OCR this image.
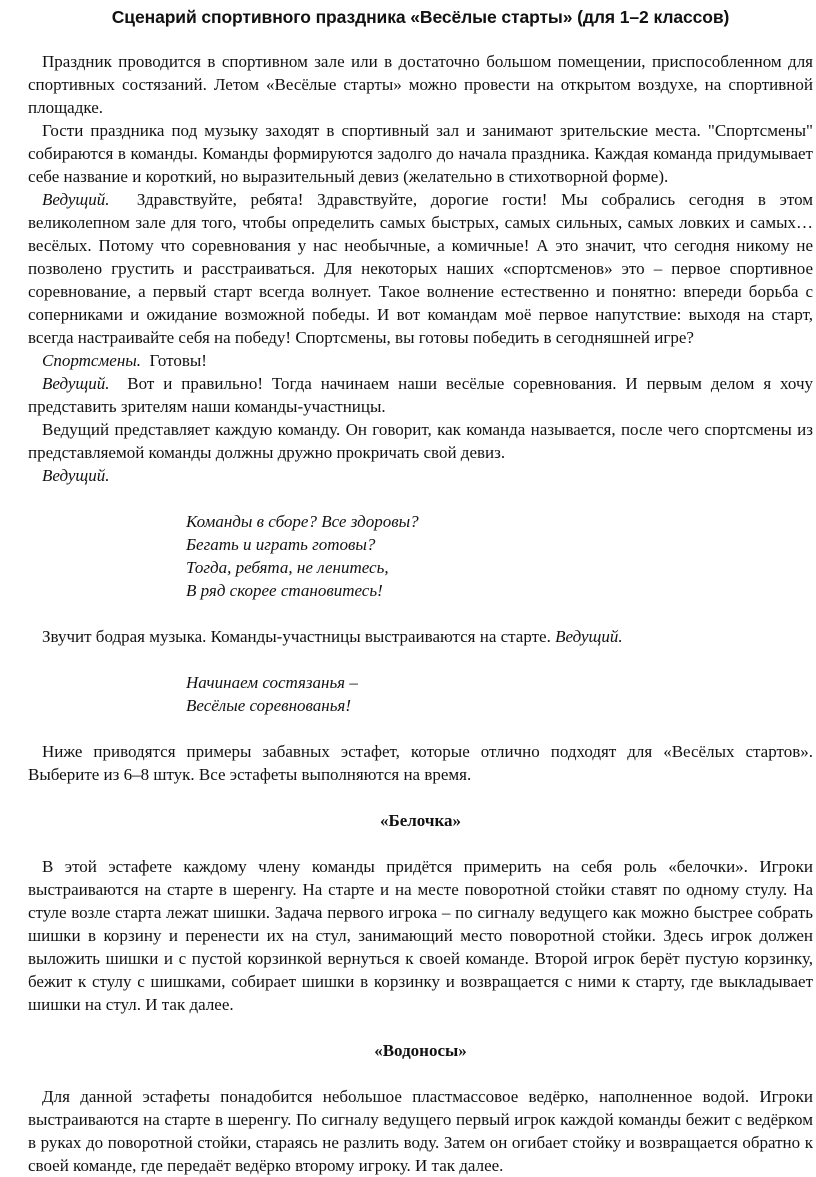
Сценарий спортивного праздника «Весёлые старты» (для 1–2 классов)

Праздник проводится в спортивном зале или в достаточно большом помещении, приспособленном для спортивных состязаний. Летом «Весёлые старты» можно провести на открытом воздухе, на спортивной площадке.

Гости праздника под музыку заходят в спортивный зал и занимают зрительские места. "Спортсмены" собираются в команды. Команды формируются задолго до начала праздника. Каждая команда придумывает себе название и короткий, но выразительный девиз (желательно в стихотворной форме).

Ведущий. Здравствуйте, ребята! Здравствуйте, дорогие гости! Мы собрались сегодня в этом великолепном зале для того, чтобы определить самых быстрых, самых сильных, самых ловких и самых… весёлых. Потому что соревнования у нас необычные, а комичные! А это значит, что сегодня никому не позволено грустить и расстраиваться. Для некоторых наших «спортсменов» это – первое спортивное соревнование, а первый старт всегда волнует. Такое волнение естественно и понятно: впереди борьба с соперниками и ожидание возможной победы. И вот командам моё первое напутствие: выходя на старт, всегда настраивайте себя на победу! Спортсмены, вы готовы победить в сегодняшней игре?

Спортсмены. Готовы!

Ведущий. Вот и правильно! Тогда начинаем наши весёлые соревнования. И первым делом я хочу представить зрителям наши команды-участницы.

Ведущий представляет каждую команду. Он говорит, как команда называется, после чего спортсмены из представляемой команды должны дружно прокричать свой девиз.

Ведущий.

Команды в сборе? Все здоровы?
Бегать и играть готовы?
Тогда, ребята, не ленитесь,
В ряд скорее становитесь!

Звучит бодрая музыка. Команды-участницы выстраиваются на старте. Ведущий.

Начинаем состязанья –
Весёлые соревнованья!

Ниже приводятся примеры забавных эстафет, которые отлично подходят для «Весёлых стартов». Выберите из 6–8 штук. Все эстафеты выполняются на время.

«Белочка»

В этой эстафете каждому члену команды придётся примерить на себя роль «белочки». Игроки выстраиваются на старте в шеренгу. На старте и на месте поворотной стойки ставят по одному стулу. На стуле возле старта лежат шишки. Задача первого игрока – по сигналу ведущего как можно быстрее собрать шишки в корзину и перенести их на стул, занимающий место поворотной стойки. Здесь игрок должен выложить шишки и с пустой корзинкой вернуться к своей команде. Второй игрок берёт пустую корзинку, бежит к стулу с шишками, собирает шишки в корзинку и возвращается с ними к старту, где выкладывает шишки на стул. И так далее.

«Водоносы»

Для данной эстафеты понадобится небольшое пластмассовое ведёрко, наполненное водой. Игроки выстраиваются на старте в шеренгу. По сигналу ведущего первый игрок каждой команды бежит с ведёрком в руках до поворотной стойки, стараясь не разлить воду. Затем он огибает стойку и возвращается обратно к своей команде, где передаёт ведёрко второму игроку. И так далее.
